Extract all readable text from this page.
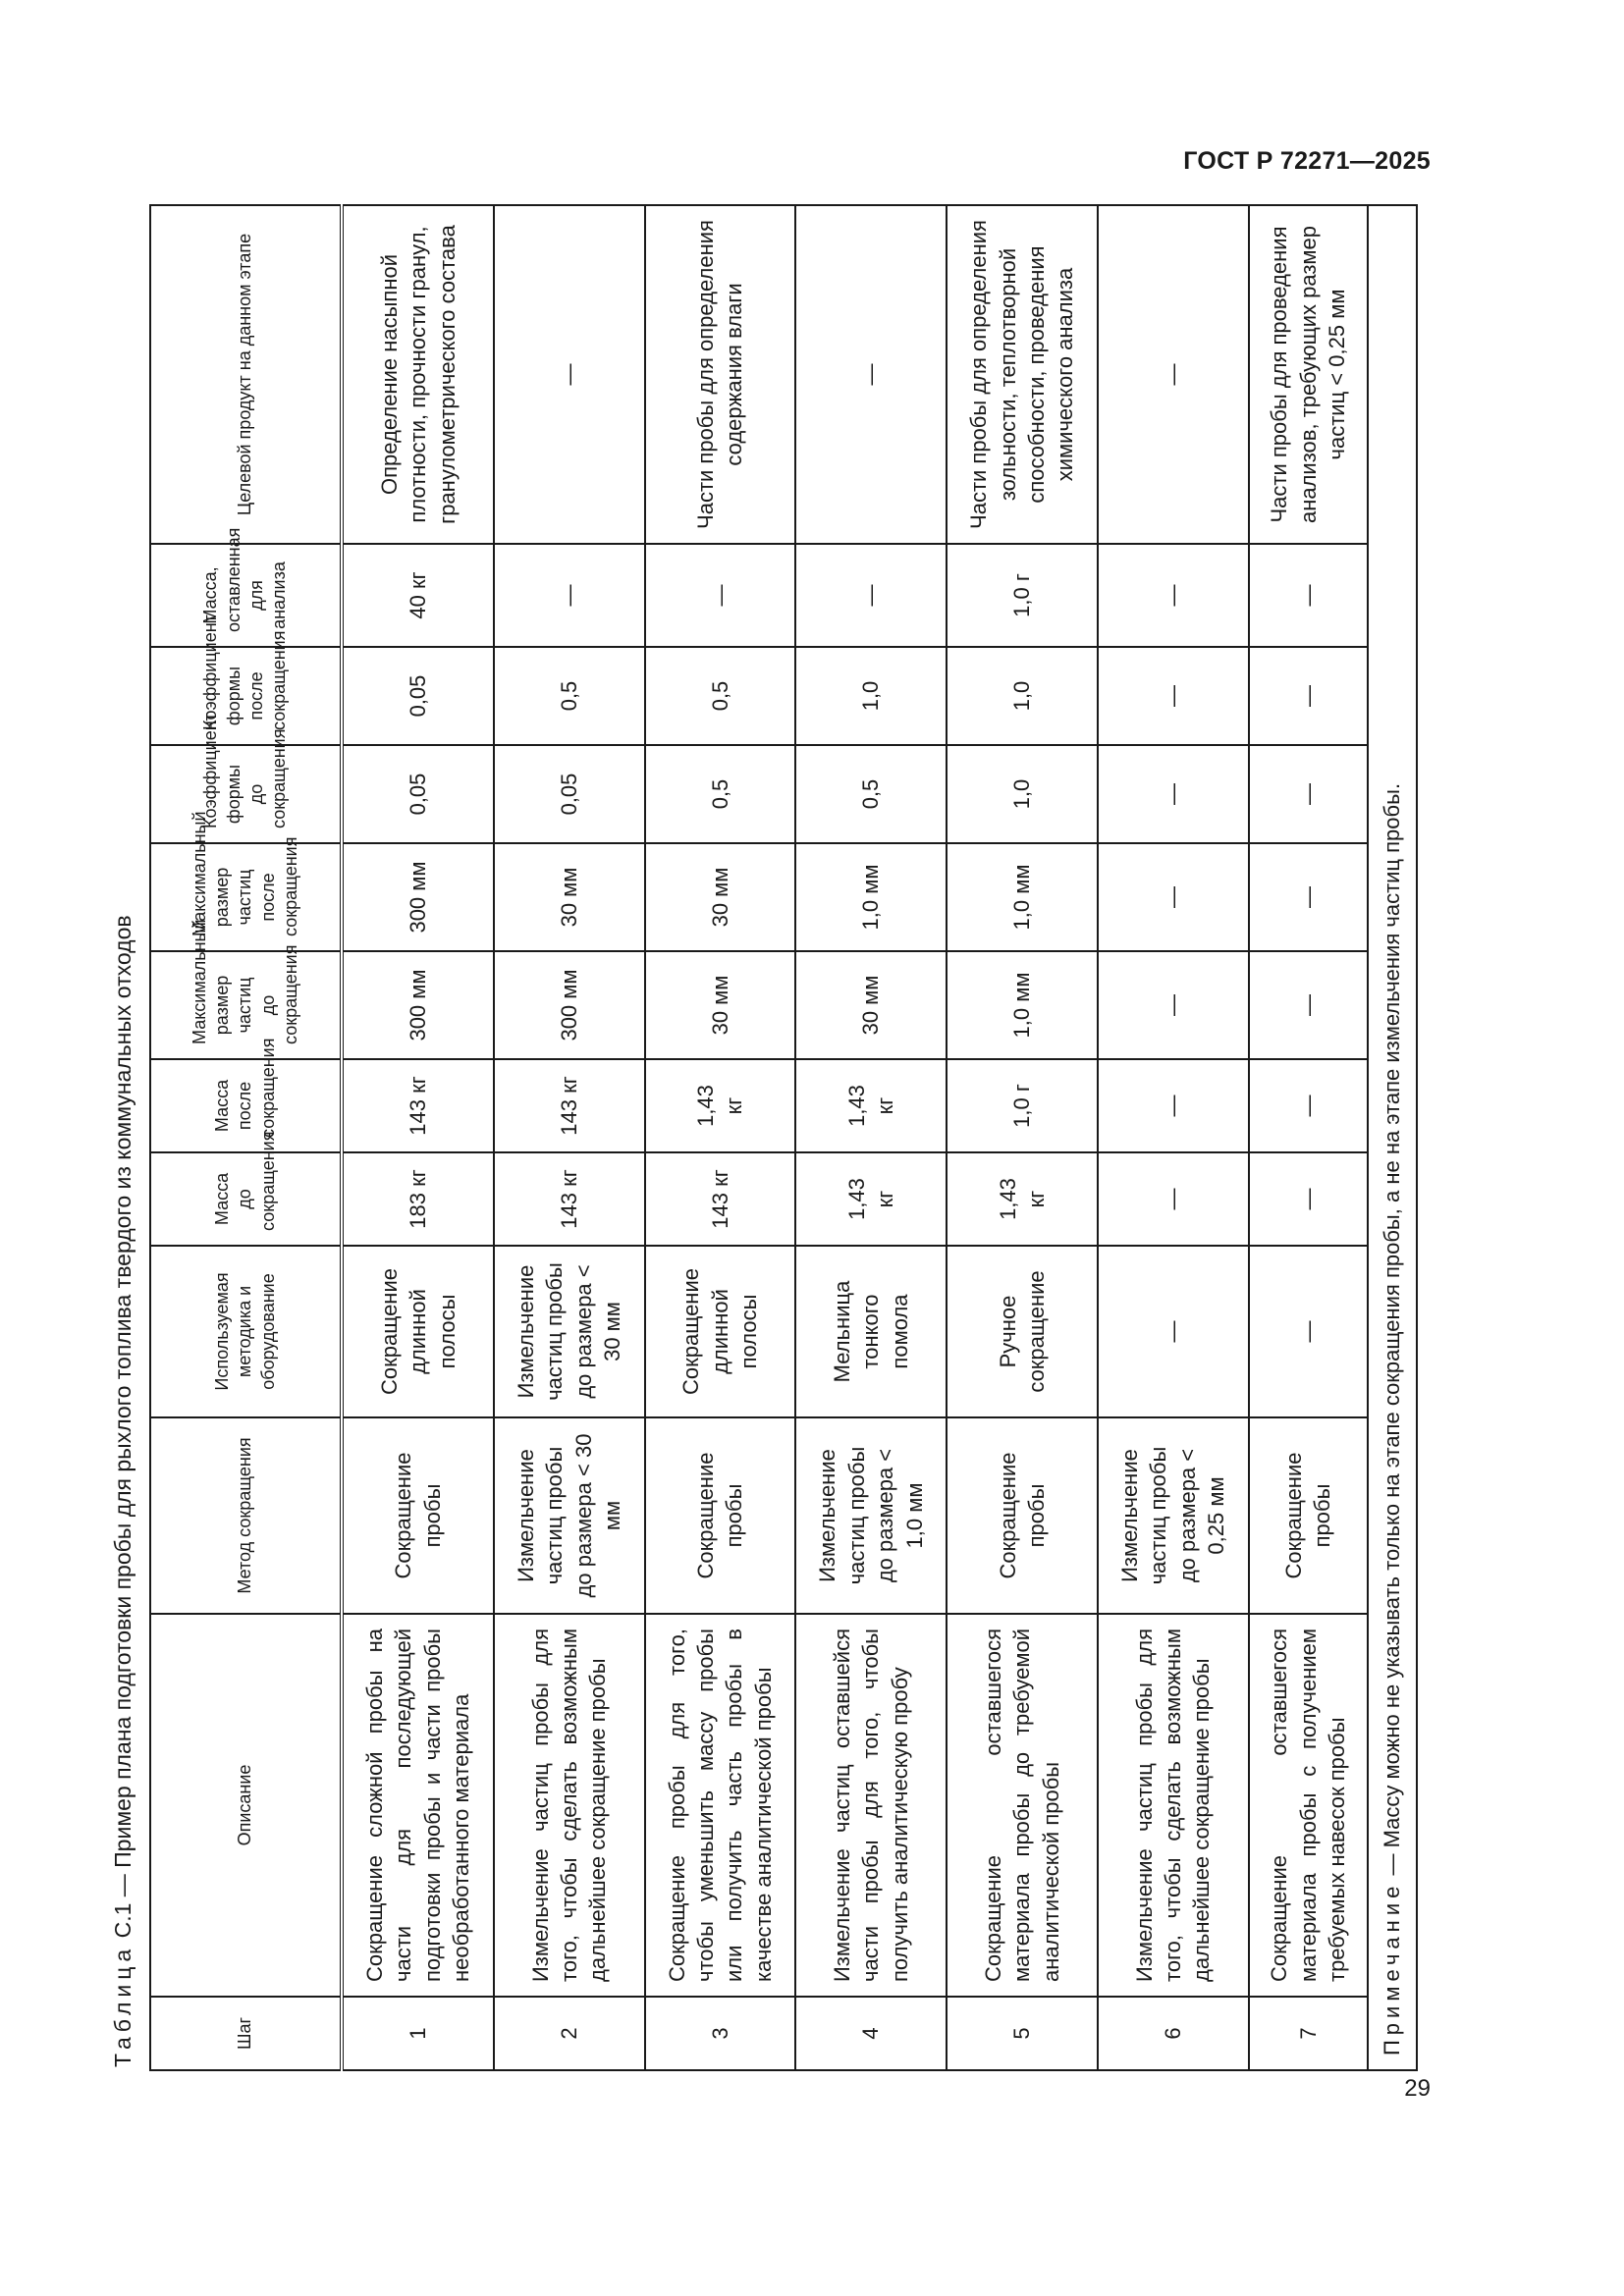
ГОСТ Р 72271—2025
Таблица С.1 — Пример плана подготовки пробы для рыхлого топлива твердого из коммунальных отходов
Шаг	Описание	Метод сокращения	Используемая методика и оборудование	Масса до сокращения	Масса после сокращения	Максимальный размер частиц до сокращения	Максимальный размер частиц после сокращения	Коэффициент формы до сокращения	Коэффициент формы после сокращения	Масса, оставленная для анализа	Целевой продукт на данном этапе
1	Сокращение сложной пробы на части для последующей подготовки пробы и части пробы необработанного материала	Сокращение пробы	Сокращение длинной полосы	183 кг	143 кг	300 мм	300 мм	0,05	0,05	40 кг	Определение насыпной плотности, прочности гранул, гранулометрического состава
2	Измельчение частиц пробы для того, чтобы сделать возможным дальнейшее сокращение пробы	Измельчение частиц пробы до размера < 30 мм	Измельчение частиц пробы до размера < 30 мм	143 кг	143 кг	300 мм	30 мм	0,05	0,5	—	—
3	Сокращение пробы для того, чтобы уменьшить массу пробы или получить часть пробы в качестве аналитической пробы	Сокращение пробы	Сокращение длинной полосы	143 кг	1,43 кг	30 мм	30 мм	0,5	0,5	—	Части пробы для определения содержания влаги
4	Измельчение частиц оставшейся части пробы для того, чтобы получить аналитическую пробу	Измельчение частиц пробы до размера < 1,0 мм	Мельница тонкого помола	1,43 кг	1,43 кг	30 мм	1,0 мм	0,5	1,0	—	—
5	Сокращение оставшегося материала пробы до требуемой аналитической пробы	Сокращение пробы	Ручное сокращение	1,43 кг	1,0 г	1,0 мм	1,0 мм	1,0	1,0	1,0 г	Части пробы для определения зольности, теплотворной способности, проведения химического анализа
6	Измельчение частиц пробы для того, чтобы сделать возможным дальнейшее сокращение пробы	Измельчение частиц пробы до размера < 0,25 мм	—	—	—	—	—	—	—	—	—
7	Сокращение оставшегося материала пробы с получением требуемых навесок пробы	Сокращение пробы	—	—	—	—	—	—	—	—	Части пробы для проведения анализов, требующих размер частиц < 0,25 мм
Примечание — Массу можно не указывать только на этапе сокращения пробы, а не на этапе измельчения частиц пробы.											
29
